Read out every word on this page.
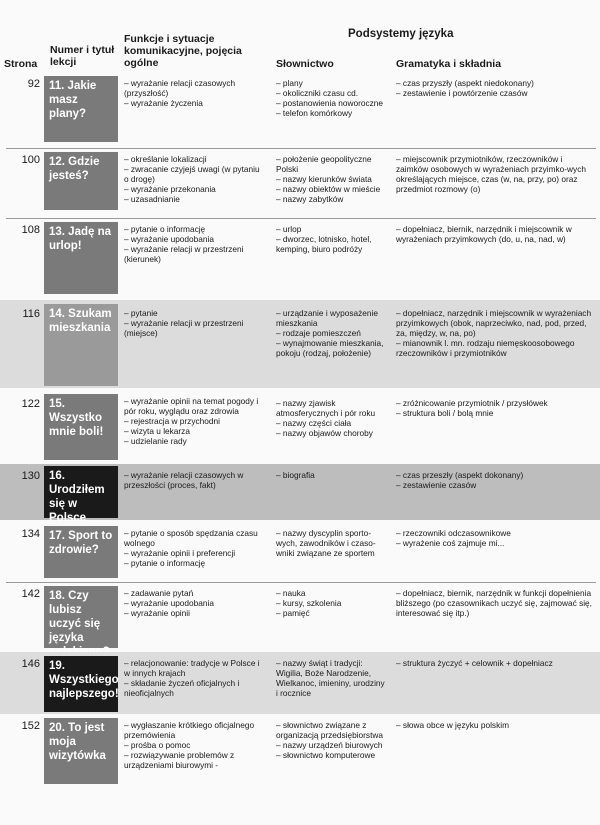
Strona
Numer i tytuł lekcji
Funkcje i sytuacje komunikacyjne, pojęcia ogólne
Podsystemy języka
Słownictwo	Gramatyka i składnia
92 11. Jakie masz plany?
– wyrażanie relacji czasowych (przyszłość)
– wyrażanie życzenia
– plany
– okoliczniki czasu cd.
– postanowienia noworoczne
– telefon komórkowy
– czas przyszły (aspekt niedokonany)
– zestawienie i powtórzenie czasów
100 12. Gdzie jesteś?
– określanie lokalizacji
– zwracanie czyjejś uwagi (w pytaniu o drogę)
– wyrażanie przekonania
– uzasadnianie
– położenie geopolityczne Polski
– nazwy kierunków świata
– nazwy obiektów w mieście
– nazwy zabytków
– miejscownik przymiotników, rzeczowników i zaimków osobowych w wyrażeniach przyimko-wych określających miejsce, czas (w, na, przy, po) oraz przedmiot rozmowy (o)
108 13. Jadę na urlop!
– pytanie o informację
– wyrażanie upodobania
– wyrażanie relacji w przestrzeni (kierunek)
– urlop
– dworzec, lotnisko, hotel, kemping, biuro podróży
– dopełniacz, biernik, narzędnik i miejscownik w wyrażeniach przyimkowych (do, u, na, nad, w)
116 14. Szukam mieszkania
– pytanie
– wyrażanie relacji w przestrzeni (miejsce)
– urządzanie i wyposażenie mieszkania
– rodzaje pomieszczeń
– wynajmowanie mieszkania, pokoju (rodzaj, położenie)
– dopełniacz, narzędnik i miejscownik w wyrażeniach przyimkowych (obok, naprzeciwko, nad, pod, przed, za, między, w, na, po)
– mianownik l. mn. rodzaju niemęskoosobowego rzeczowników i przymiotników
122 15. Wszystko mnie boli!
– wyrażanie opinii na temat pogody i pór roku, wyglądu oraz zdrowia
– rejestracja w przychodni
– wizyta u lekarza
– udzielanie rady
– nazwy zjawisk atmosferycznych i pór roku
– nazwy części ciała
– nazwy objawów choroby
– zróżnicowanie przymiotnik / przysłówek
– struktura boli / bolą mnie
130 16. Urodziłem się w Polsce
– wyrażanie relacji czasowych w przeszłości (proces, fakt)
– biografia	– czas przeszły (aspekt dokonany)
– zestawienie czasów
134 17. Sport to zdrowie?
– pytanie o sposób spędzania czasu wolnego
– wyrażanie opinii i preferencji
– pytanie o informację
– nazwy dyscyplin sporto-wych, zawodników i czaso-wniki związane ze sportem
– rzeczowniki odczasownikowe
– wyrażenie coś zajmuje mi...
142 18. Czy lubisz uczyć się języka
– zadawanie pytań
– wyrażanie upodobania
– wyrażanie opinii
– nauka
– kursy, szkolenia
– pamięć
– dopełniacz, biernik, narzędnik w funkcji dopełnienia bliższego (po czasownikach uczyć się, zajmować się, interesować się itp.)
146 19. Wszystkiego najlepszego!
– relacjonowanie: tradycje w Polsce i w innych krajach
– składanie życzeń oficjalnych i nieoficjalnych
– nazwy świąt i tradycji: Wigilia, Boże Narodzenie, Wielkanoc, imieniny, urodziny i rocznice
– struktura życzyć + celownik + dopełniacz
152 20. To jest moja wizytówka
– wygłaszanie krótkiego oficjalnego przemówienia
– prośba o pomoc
– rozwiązywanie problemów z urządzeniami biurowymi -
– słownictwo związane z organizacją przedsiębiorstwa
– nazwy urządzeń biurowych
– słownictwo komputerowe
– słowa obce w języku polskim
